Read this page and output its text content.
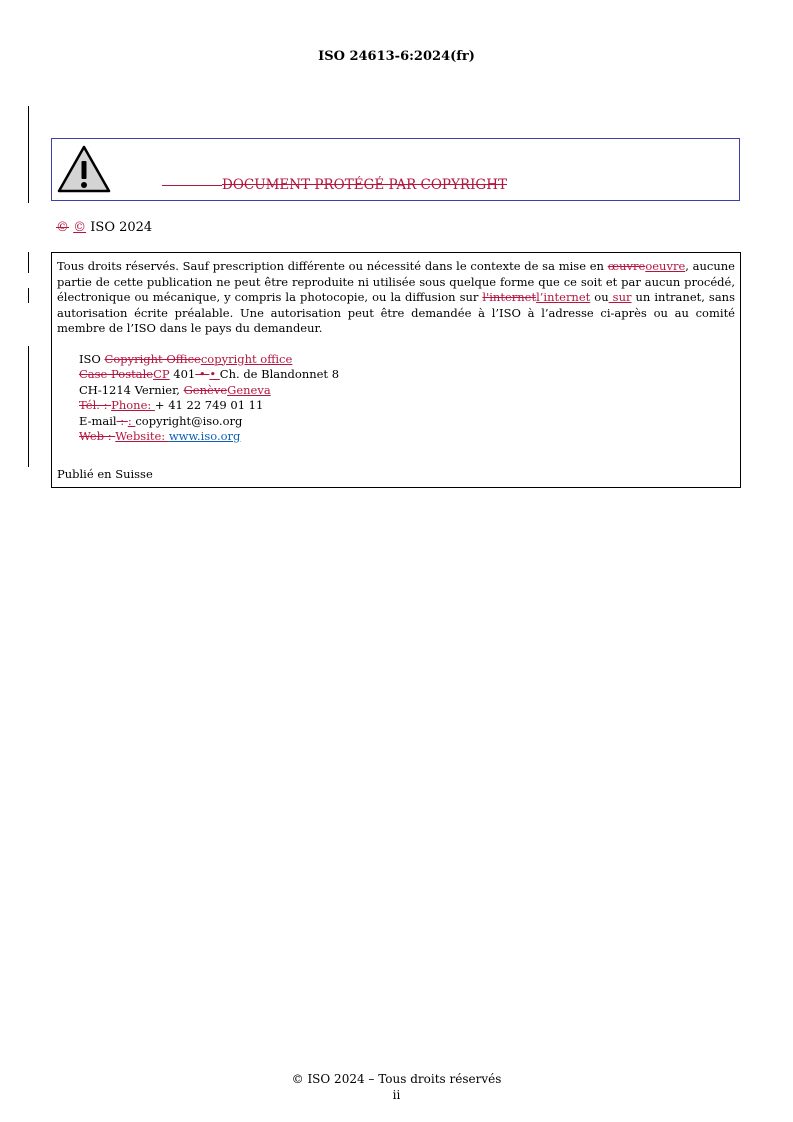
ISO 24613-6:2024(fr)
DOCUMENT PROTÉGÉ PAR COPYRIGHT
© © ISO 2024

Tous droits réservés. Sauf prescription différente ou nécessité dans le contexte de sa mise en œuvreoeuvre, aucune partie de cette publication ne peut être reproduite ni utilisée sous quelque forme que ce soit et par aucun procédé, électronique ou mécanique, y compris la photocopie, ou la diffusion sur l'internetl’internet ou sur un intranet, sans autorisation écrite préalable. Une autorisation peut être demandée à l’ISO à l’adresse ci-après ou au comité membre de l’ISO dans le pays du demandeur.

ISO Copyright Officecopyright office
Case PostaleCP 401 • • Ch. de Blandonnet 8
CH-1214 Vernier, GenèveGeneva
Tél. : Phone: + 41 22 749 01 11
E-mail : : copyright@iso.org
Web : Website: www.iso.org
Publié en Suisse
© ISO 2024 – Tous droits réservés
ii
